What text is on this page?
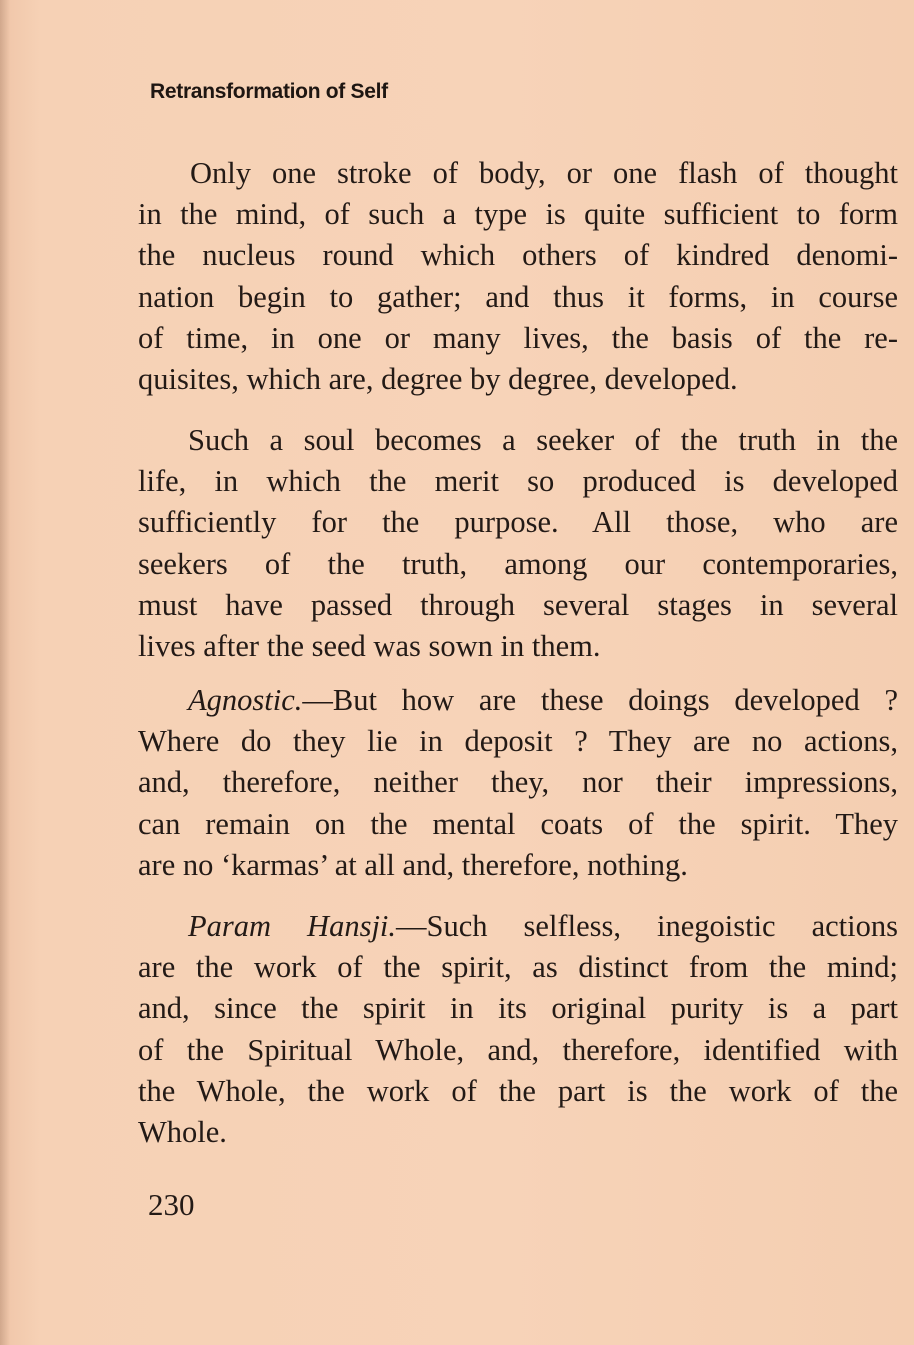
Retransformation of Self
Only one stroke of body, or one flash of thought
in the mind, of such a type is quite sufficient to form
the nucleus round which others of kindred denomi-
nation begin to gather; and thus it forms, in course
of time, in one or many lives, the basis of the re-
quisites, which are, degree by degree, developed.
Such a soul becomes a seeker of the truth in the
life, in which the merit so produced is developed
sufficiently for the purpose. All those, who are
seekers of the truth, among our contemporaries,
must have passed through several stages in several
lives after the seed was sown in them.
Agnostic.—But how are these doings developed ?
Where do they lie in deposit ? They are no actions,
and, therefore, neither they, nor their impressions,
can remain on the mental coats of the spirit. They
are no ‘karmas’ at all and, therefore, nothing.
Param Hansji.—Such selfless, inegoistic actions
are the work of the spirit, as distinct from the mind;
and, since the spirit in its original purity is a part
of the Spiritual Whole, and, therefore, identified with
the Whole, the work of the part is the work of the
Whole.
230
